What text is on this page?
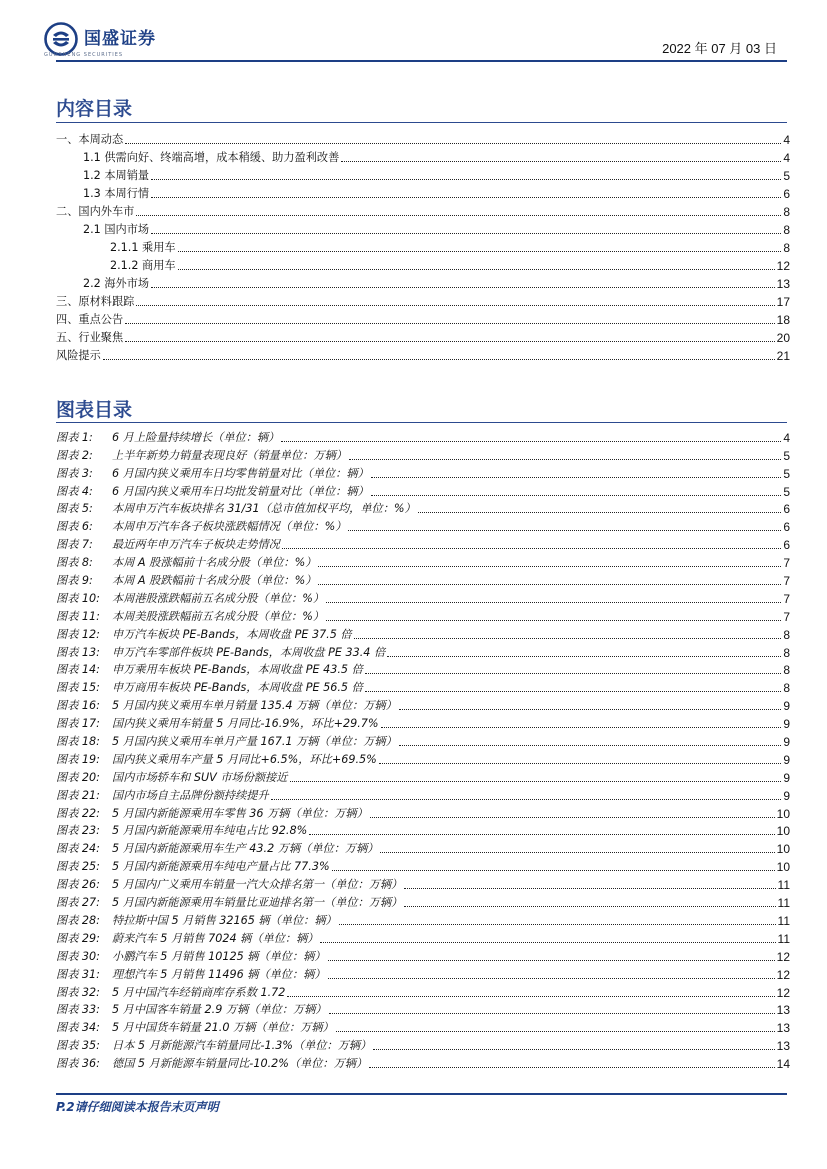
国盛证券
GUOSHENG SECURITIES	2022 年 07 月 03 日
内容目录
一、本周动态	4
1.1 供需向好、终端高增，成本稍缓、助力盈利改善	4
1.2 本周销量	5
1.3 本周行情	6
二、国内外车市	8
2.1 国内市场	8
2.1.1 乘用车	8
2.1.2 商用车	12
2.2 海外市场	13
三、原材料跟踪	17
四、重点公告	18
五、行业聚焦	20
风险提示	21
图表目录
图表 1:	6 月上险量持续增长（单位：辆）	4
图表 2:	上半年新势力销量表现良好（销量单位：万辆）	5
图表 3:	6 月国内狭义乘用车日均零售销量对比（单位：辆）	5
图表 4:	6 月国内狭义乘用车日均批发销量对比（单位：辆）	5
图表 5:	本周申万汽车板块排名 31/31（总市值加权平均，单位：%）	6
图表 6:	本周申万汽车各子板块涨跌幅情况（单位：%）	6
图表 7:	最近两年申万汽车子板块走势情况	6
图表 8:	本周 A 股涨幅前十名成分股（单位：%）	7
图表 9:	本周 A 股跌幅前十名成分股（单位：%）	7
图表 10:	本周港股涨跌幅前五名成分股（单位：%）	7
图表 11:	本周美股涨跌幅前五名成分股（单位：%）	7
图表 12:	申万汽车板块 PE-Bands，本周收盘 PE 37.5 倍	8
图表 13:	申万汽车零部件板块 PE-Bands，本周收盘 PE 33.4 倍	8
图表 14:	申万乘用车板块 PE-Bands，本周收盘 PE 43.5 倍	8
图表 15:	申万商用车板块 PE-Bands，本周收盘 PE 56.5 倍	8
图表 16:	5 月国内狭义乘用车单月销量 135.4 万辆（单位：万辆）	9
图表 17:	国内狭义乘用车销量 5 月同比-16.9%，环比+29.7%	9
图表 18:	5 月国内狭义乘用车单月产量 167.1 万辆（单位：万辆）	9
图表 19:	国内狭义乘用车产量 5 月同比+6.5%，环比+69.5%	9
图表 20:	国内市场轿车和 SUV 市场份额接近	9
图表 21:	国内市场自主品牌份额持续提升	9
图表 22:	5 月国内新能源乘用车零售 36 万辆（单位：万辆）	10
图表 23:	5 月国内新能源乘用车纯电占比 92.8%	10
图表 24:	5 月国内新能源乘用车生产 43.2 万辆（单位：万辆）	10
图表 25:	5 月国内新能源乘用车纯电产量占比 77.3%	10
图表 26:	5 月国内广义乘用车销量一汽大众排名第一（单位：万辆）	11
图表 27:	5 月国内新能源乘用车销量比亚迪排名第一（单位：万辆）	11
图表 28:	特拉斯中国 5 月销售 32165 辆（单位：辆）	11
图表 29:	蔚来汽车 5 月销售 7024 辆（单位：辆）	11
图表 30:	小鹏汽车 5 月销售 10125 辆（单位：辆）	12
图表 31:	理想汽车 5 月销售 11496 辆（单位：辆）	12
图表 32:	5 月中国汽车经销商库存系数 1.72	12
图表 33:	5 月中国客车销量 2.9 万辆（单位：万辆）	13
图表 34:	5 月中国货车销量 21.0 万辆（单位：万辆）	13
图表 35:	日本 5 月新能源汽车销量同比-1.3%（单位：万辆）	13
图表 36:	德国 5 月新能源车销量同比-10.2%（单位：万辆）	14
P.2请仔细阅读本报告末页声明
